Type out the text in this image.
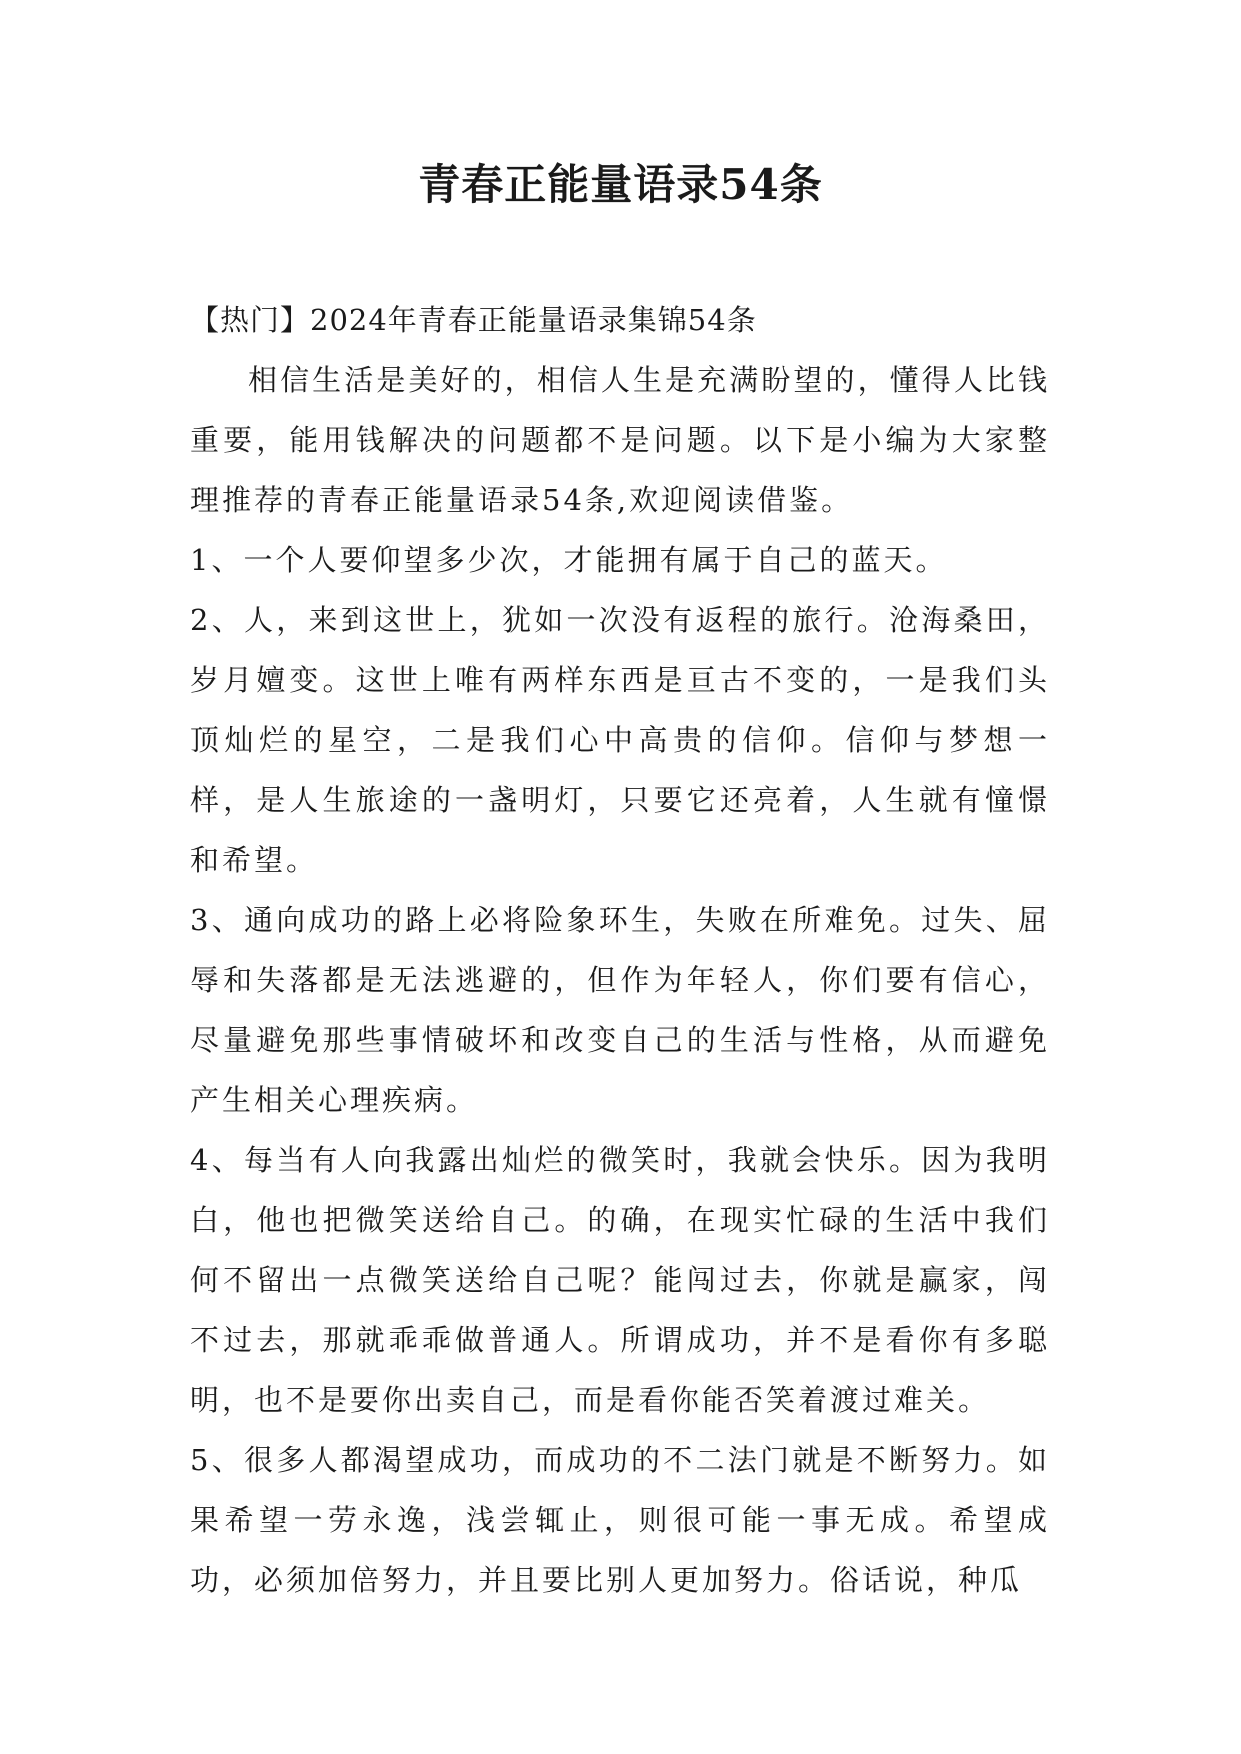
青春正能量语录54条

【热门】2024年青春正能量语录集锦54条

相信生活是美好的，相信人生是充满盼望的，懂得人比钱重要，能用钱解决的问题都不是问题。以下是小编为大家整理推荐的青春正能量语录54条,欢迎阅读借鉴。

1、一个人要仰望多少次，才能拥有属于自己的蓝天。

2、人，来到这世上，犹如一次没有返程的旅行。沧海桑田，岁月嬗变。这世上唯有两样东西是亘古不变的，一是我们头顶灿烂的星空，二是我们心中高贵的信仰。信仰与梦想一样，是人生旅途的一盏明灯，只要它还亮着，人生就有憧憬和希望。

3、通向成功的路上必将险象环生，失败在所难免。过失、屈辱和失落都是无法逃避的，但作为年轻人，你们要有信心，尽量避免那些事情破坏和改变自己的生活与性格，从而避免产生相关心理疾病。

4、每当有人向我露出灿烂的微笑时，我就会快乐。因为我明白，他也把微笑送给自己。的确，在现实忙碌的生活中我们何不留出一点微笑送给自己呢？能闯过去，你就是赢家，闯不过去，那就乖乖做普通人。所谓成功，并不是看你有多聪明，也不是要你出卖自己，而是看你能否笑着渡过难关。

5、很多人都渴望成功，而成功的不二法门就是不断努力。如果希望一劳永逸，浅尝辄止，则很可能一事无成。希望成功，必须加倍努力，并且要比别人更加努力。俗话说，种瓜
